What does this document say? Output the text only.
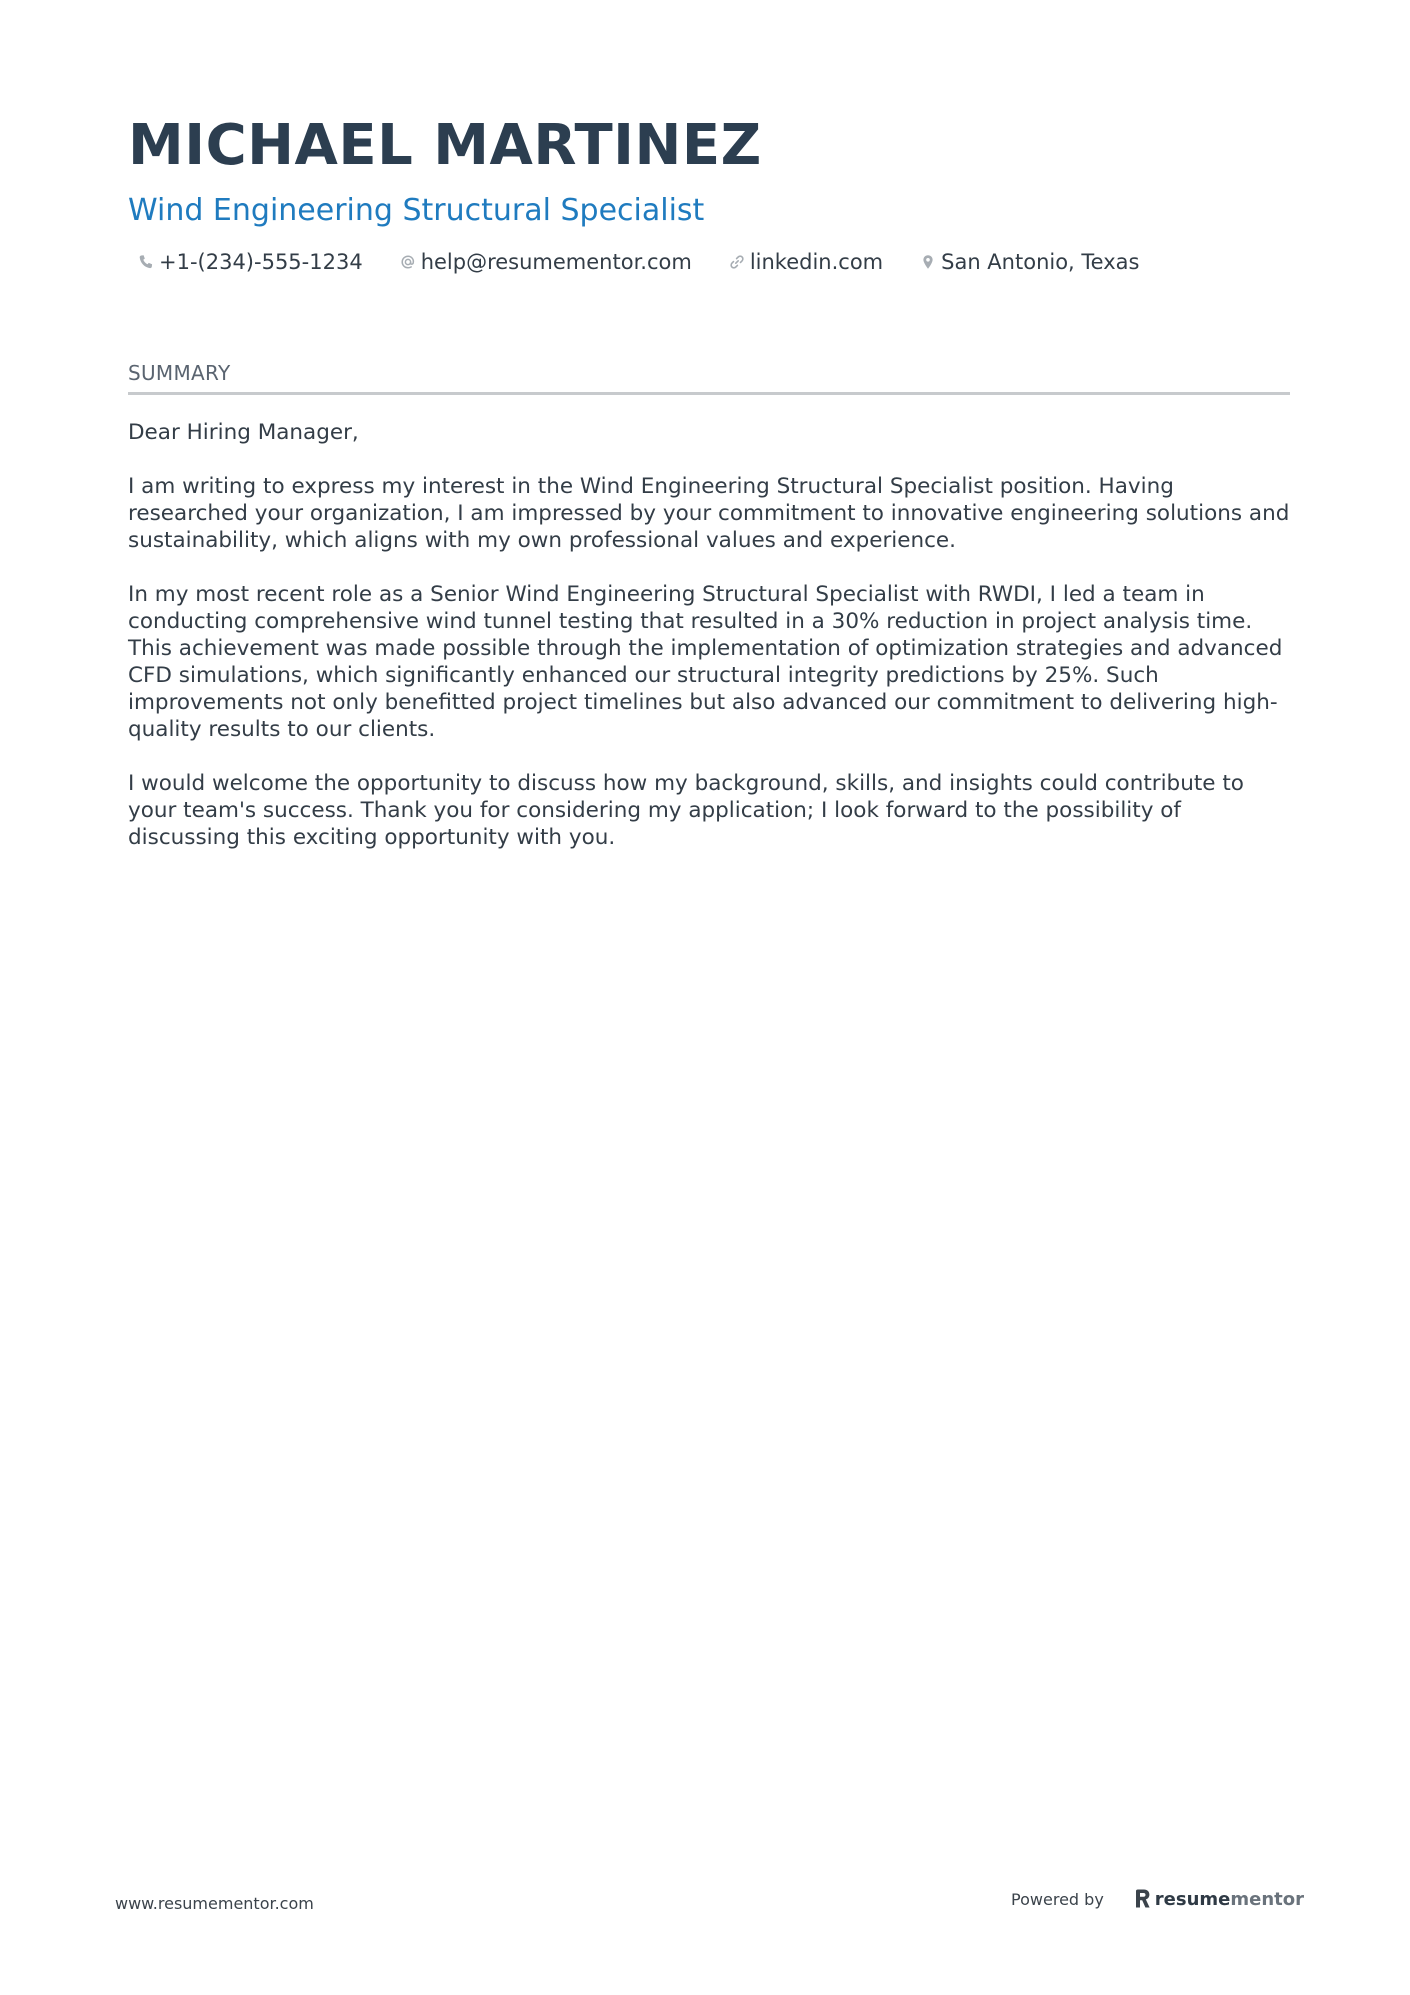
MICHAEL MARTINEZ
Wind Engineering Structural Specialist
+1-(234)-555-1234	help@resumementor.com	linkedin.com	San Antonio, Texas
SUMMARY

Dear Hiring Manager,

I am writing to express my interest in the Wind Engineering Structural Specialist position. Having researched your organization, I am impressed by your commitment to innovative engineering solutions and sustainability, which aligns with my own professional values and experience.

In my most recent role as a Senior Wind Engineering Structural Specialist with RWDI, I led a team in conducting comprehensive wind tunnel testing that resulted in a 30% reduction in project analysis time. This achievement was made possible through the implementation of optimization strategies and advanced CFD simulations, which significantly enhanced our structural integrity predictions by 25%. Such improvements not only benefitted project timelines but also advanced our commitment to delivering high-quality results to our clients.

I would welcome the opportunity to discuss how my background, skills, and insights could contribute to your team's success. Thank you for considering my application; I look forward to the possibility of discussing this exciting opportunity with you.

www.resumementor.com	Powered by	resume mentor
